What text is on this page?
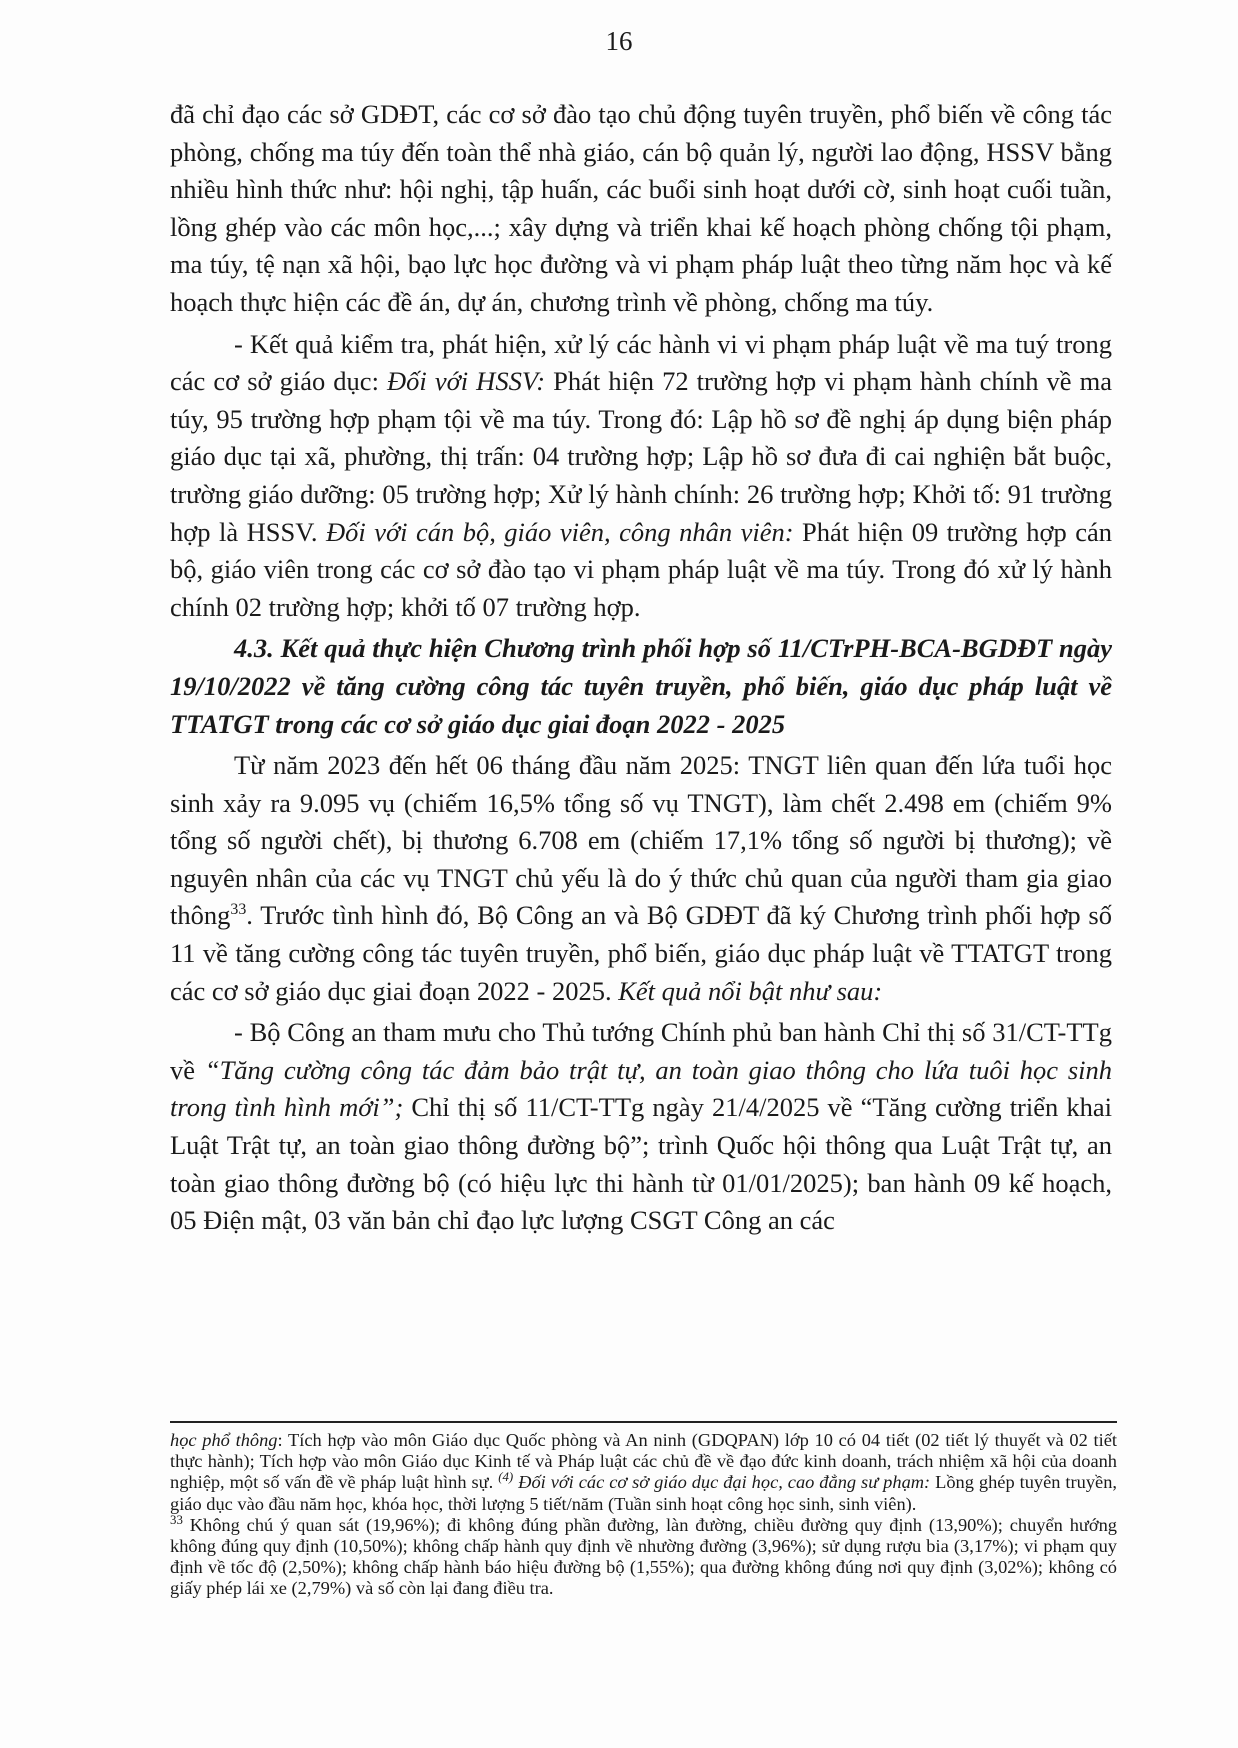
16

đã chỉ đạo các sở GDĐT, các cơ sở đào tạo chủ động tuyên truyền, phổ biến về công tác phòng, chống ma túy đến toàn thể nhà giáo, cán bộ quản lý, người lao động, HSSV bằng nhiều hình thức như: hội nghị, tập huấn, các buổi sinh hoạt dưới cờ, sinh hoạt cuối tuần, lồng ghép vào các môn học,...; xây dựng và triển khai kế hoạch phòng chống tội phạm, ma túy, tệ nạn xã hội, bạo lực học đường và vi phạm pháp luật theo từng năm học và kế hoạch thực hiện các đề án, dự án, chương trình về phòng, chống ma túy.

- Kết quả kiểm tra, phát hiện, xử lý các hành vi vi phạm pháp luật về ma tuý trong các cơ sở giáo dục: Đối với HSSV: Phát hiện 72 trường hợp vi phạm hành chính về ma túy, 95 trường hợp phạm tội về ma túy. Trong đó: Lập hồ sơ đề nghị áp dụng biện pháp giáo dục tại xã, phường, thị trấn: 04 trường hợp; Lập hồ sơ đưa đi cai nghiện bắt buộc, trường giáo dưỡng: 05 trường hợp; Xử lý hành chính: 26 trường hợp; Khởi tố: 91 trường hợp là HSSV. Đối với cán bộ, giáo viên, công nhân viên: Phát hiện 09 trường hợp cán bộ, giáo viên trong các cơ sở đào tạo vi phạm pháp luật về ma túy. Trong đó xử lý hành chính 02 trường hợp; khởi tố 07 trường hợp.

4.3. Kết quả thực hiện Chương trình phối hợp số 11/CTrPH-BCA-BGDĐT ngày 19/10/2022 về tăng cường công tác tuyên truyền, phổ biến, giáo dục pháp luật về TTATGT trong các cơ sở giáo dục giai đoạn 2022 - 2025

Từ năm 2023 đến hết 06 tháng đầu năm 2025: TNGT liên quan đến lứa tuổi học sinh xảy ra 9.095 vụ (chiếm 16,5% tổng số vụ TNGT), làm chết 2.498 em (chiếm 9% tổng số người chết), bị thương 6.708 em (chiếm 17,1% tổng số người bị thương); về nguyên nhân của các vụ TNGT chủ yếu là do ý thức chủ quan của người tham gia giao thông$^{33}$. Trước tình hình đó, Bộ Công an và Bộ GDĐT đã ký Chương trình phối hợp số 11 về tăng cường công tác tuyên truyền, phổ biến, giáo dục pháp luật về TTATGT trong các cơ sở giáo dục giai đoạn 2022 - 2025. Kết quả nổi bật như sau:

- Bộ Công an tham mưu cho Thủ tướng Chính phủ ban hành Chỉ thị số 31/CT-TTg về “Tăng cường công tác đảm bảo trật tự, an toàn giao thông cho lứa tuôi học sinh trong tình hình mới”; Chỉ thị số 11/CT-TTg ngày 21/4/2025 về “Tăng cường triển khai Luật Trật tự, an toàn giao thông đường bộ”; trình Quốc hội thông qua Luật Trật tự, an toàn giao thông đường bộ (có hiệu lực thi hành từ 01/01/2025); ban hành 09 kế hoạch, 05 Điện mật, 03 văn bản chỉ đạo lực lượng CSGT Công an các

học phổ thông: Tích hợp vào môn Giáo dục Quốc phòng và An ninh (GDQPAN) lớp 10 có 04 tiết (02 tiết lý thuyết và 02 tiết thực hành); Tích hợp vào môn Giáo dục Kinh tế và Pháp luật các chủ đề về đạo đức kinh doanh, trách nhiệm xã hội của doanh nghiệp, một số vấn đề về pháp luật hình sự. $^{(4)}$ Đối với các cơ sở giáo dục đại học, cao đẳng sư phạm: Lồng ghép tuyên truyền, giáo dục vào đầu năm học, khóa học, thời lượng 5 tiết/năm (Tuần sinh hoạt công học sinh, sinh viên).

$^{33}$ Không chú ý quan sát (19,96%); đi không đúng phần đường, làn đường, chiều đường quy định (13,90%); chuyển hướng không đúng quy định (10,50%); không chấp hành quy định về nhường đường (3,96%); sử dụng rượu bia (3,17%); vi phạm quy định về tốc độ (2,50%); không chấp hành báo hiệu đường bộ (1,55%); qua đường không đúng nơi quy định (3,02%); không có giấy phép lái xe (2,79%) và số còn lại đang điều tra.
